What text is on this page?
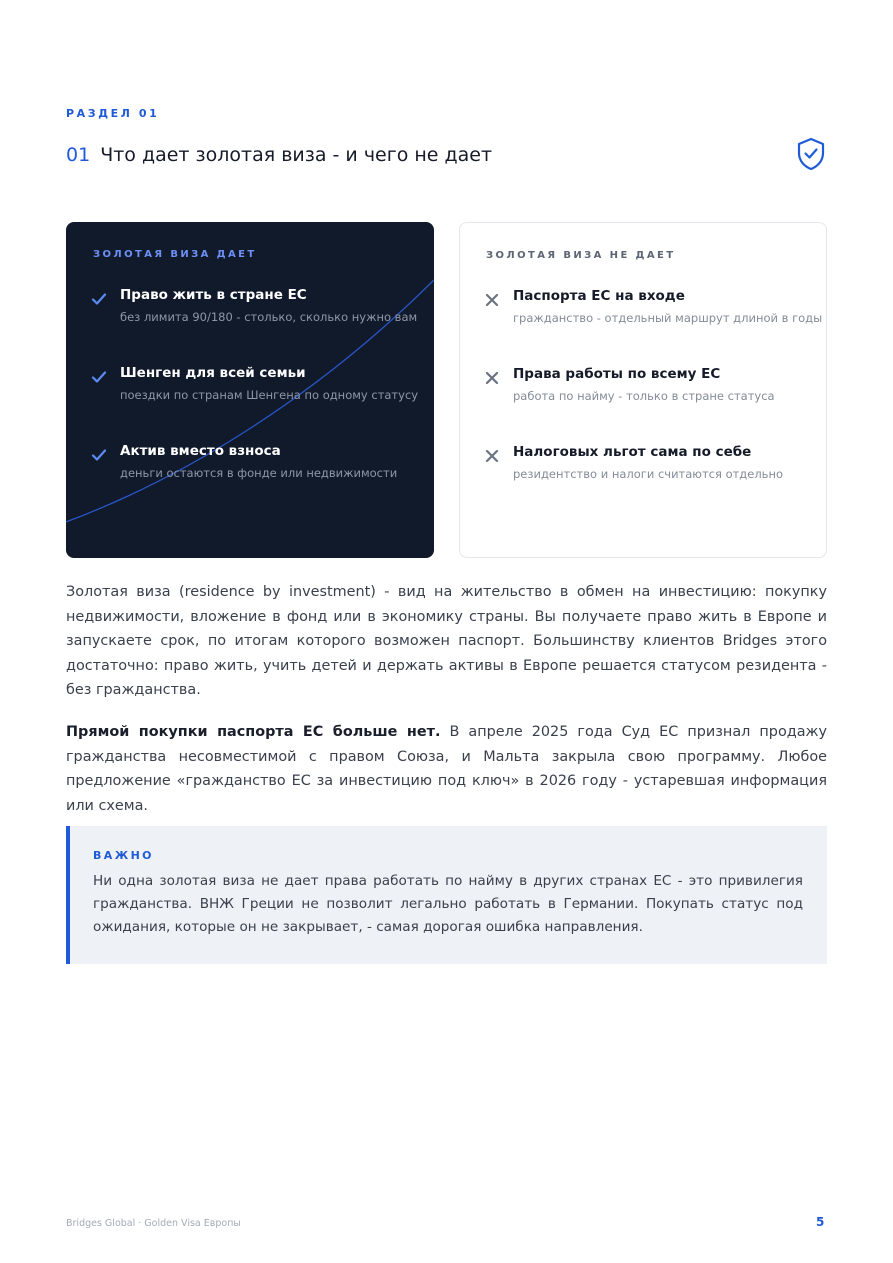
РАЗДЕЛ 01
01 Что дает золотая виза - и чего не дает
ЗОЛОТАЯ ВИЗА ДАЕТ
Право жить в стране ЕС
без лимита 90/180 - столько, сколько нужно вам
Шенген для всей семьи
поездки по странам Шенгена по одному статусу
Актив вместо взноса
деньги остаются в фонде или недвижимости
ЗОЛОТАЯ ВИЗА НЕ ДАЕТ
Паспорта ЕС на входе
гражданство - отдельный маршрут длиной в годы
Права работы по всему ЕС
работа по найму - только в стране статуса
Налоговых льгот сама по себе
резидентство и налоги считаются отдельно

Золотая виза (residence by investment) - вид на жительство в обмен на инвестицию: покупку недвижимости, вложение в фонд или в экономику страны. Вы получаете право жить в Европе и запускаете срок, по итогам которого возможен паспорт. Большинству клиентов Bridges этого достаточно: право жить, учить детей и держать активы в Европе решается статусом резидента - без гражданства.

Прямой покупки паспорта ЕС больше нет. В апреле 2025 года Суд ЕС признал продажу гражданства несовместимой с правом Союза, и Мальта закрыла свою программу. Любое предложение «гражданство ЕС за инвестицию под ключ» в 2026 году - устаревшая информация или схема.

ВАЖНО

Ни одна золотая виза не дает права работать по найму в других странах ЕС - это привилегия гражданства. ВНЖ Греции не позволит легально работать в Германии. Покупать статус под ожидания, которые он не закрывает, - самая дорогая ошибка направления.

Bridges Global · Golden Visa Европы	5
